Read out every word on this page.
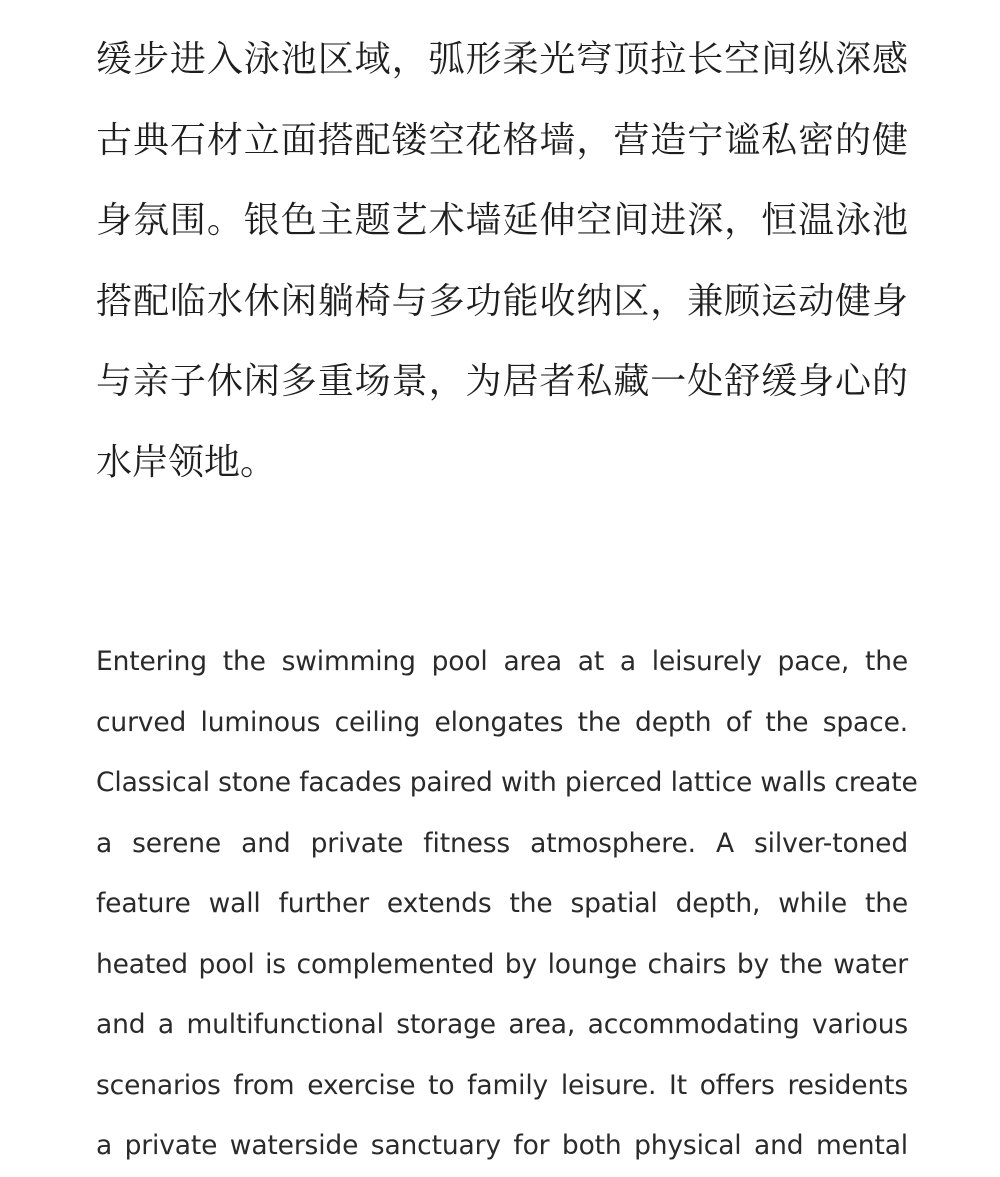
缓步进入泳池区域，弧形柔光穹顶拉长空间纵深感
古典石材立面搭配镂空花格墙，营造宁谧私密的健
身氛围。银色主题艺术墙延伸空间进深，恒温泳池
搭配临水休闲躺椅与多功能收纳区，兼顾运动健身
与亲子休闲多重场景，为居者私藏一处舒缓身心的
水岸领地。
Entering the swimming pool area at a leisurely pace, the
curved luminous ceiling elongates the depth of the space.
Classical stone facades paired with pierced lattice walls create
a serene and private fitness atmosphere. A silver-toned
feature wall further extends the spatial depth, while the
heated pool is complemented by lounge chairs by the water
and a multifunctional storage area, accommodating various
scenarios from exercise to family leisure. It offers residents
a private waterside sanctuary for both physical and mental
